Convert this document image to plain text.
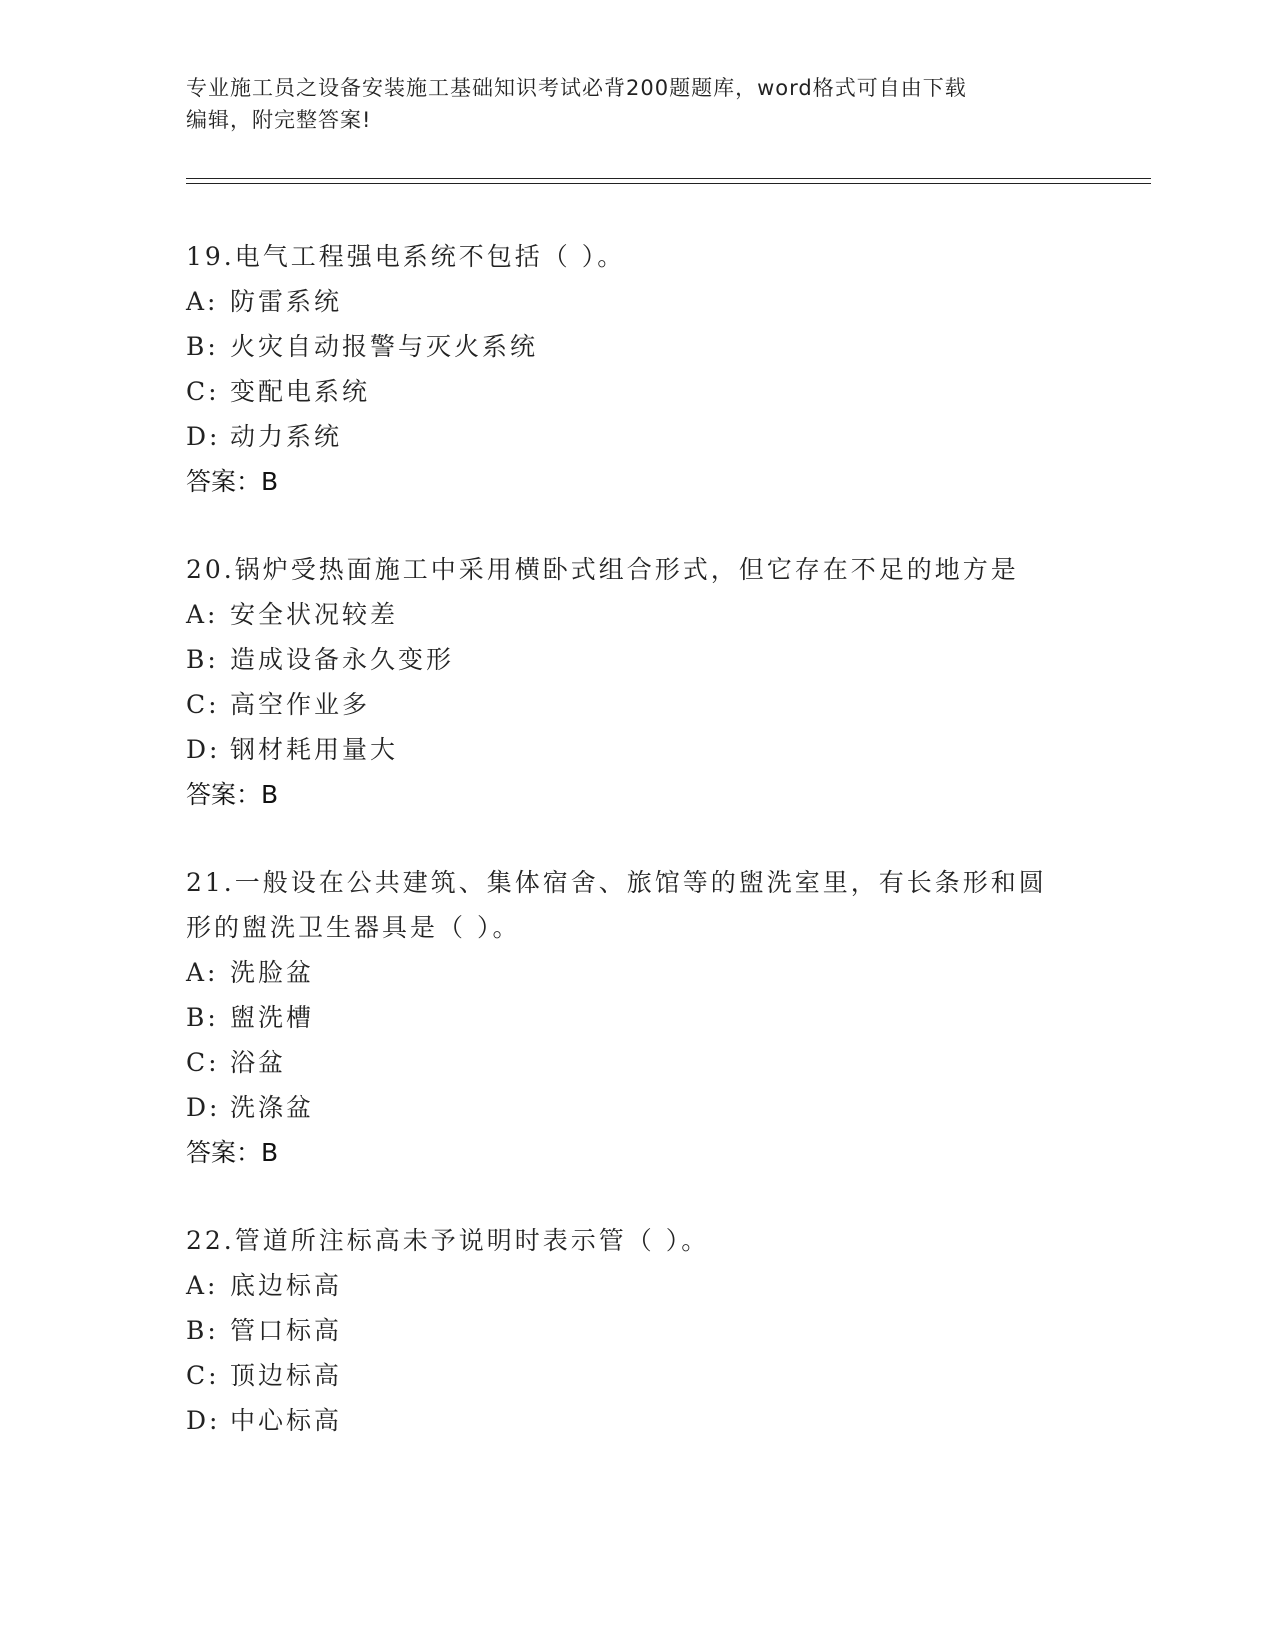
专业施工员之设备安装施工基础知识考试必背200题题库，word格式可自由下载
编辑，附完整答案!

19.电气工程强电系统不包括（ ）。

A: 防雷系统
B: 火灾自动报警与灭火系统
C: 变配电系统
D: 动力系统
答案：B

20.锅炉受热面施工中采用横卧式组合形式，但它存在不足的地方是

A: 安全状况较差
B: 造成设备永久变形
C: 高空作业多
D: 钢材耗用量大
答案：B

21.一般设在公共建筑、集体宿舍、旅馆等的盥洗室里，有长条形和圆

形的盥洗卫生器具是（ ）。

A: 洗脸盆
B: 盥洗槽
C: 浴盆
D: 洗涤盆
答案：B

22.管道所注标高未予说明时表示管（ ）。

A: 底边标高
B: 管口标高
C: 顶边标高
D: 中心标高
